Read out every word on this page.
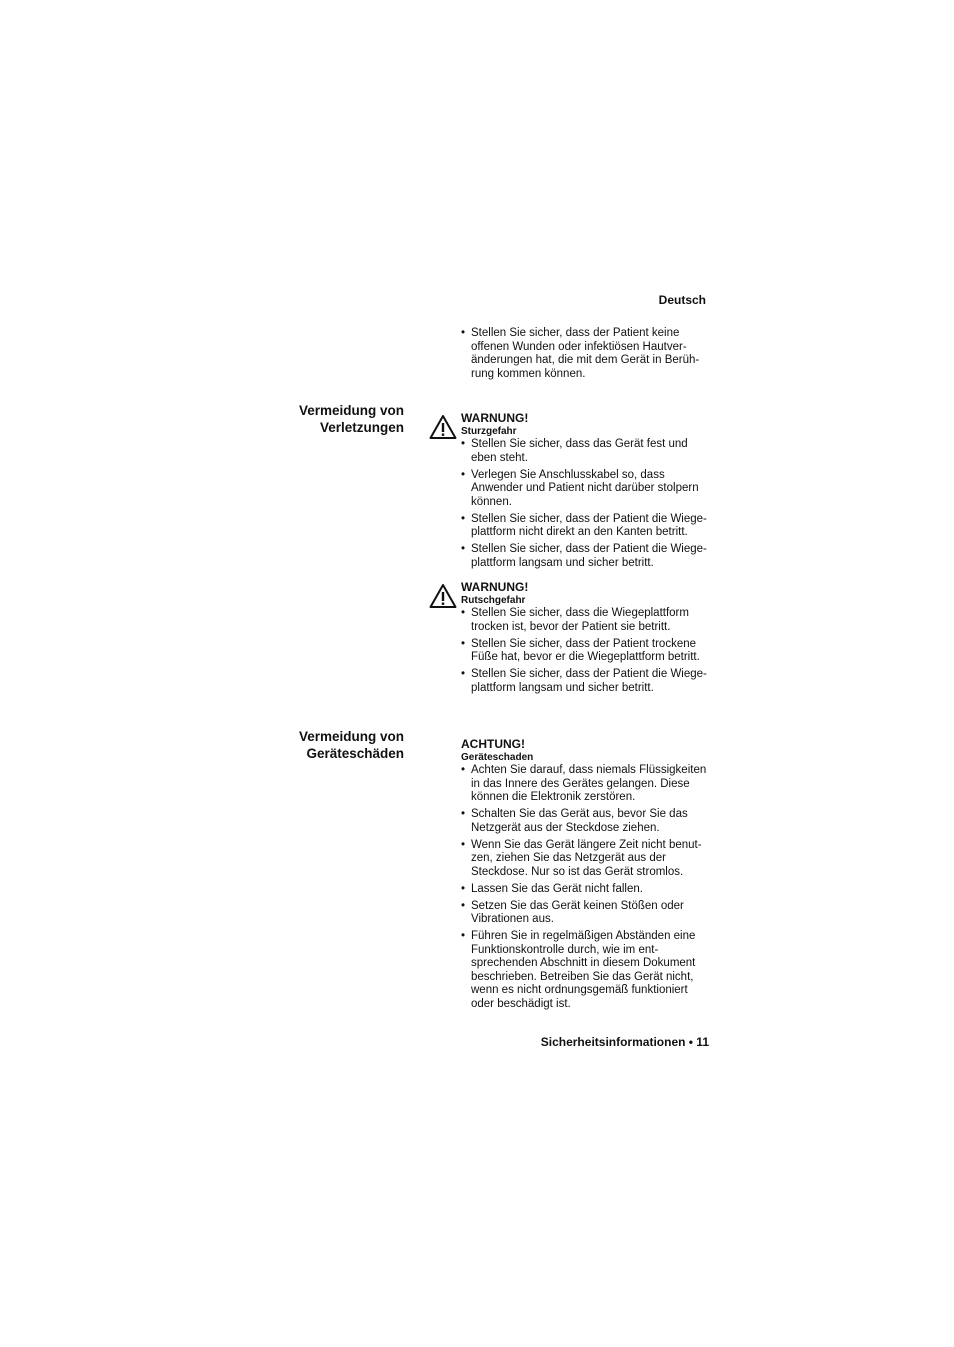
Deutsch
• Stellen Sie sicher, dass der Patient keine
offenen Wunden oder infektiösen Hautver-
änderungen hat, die mit dem Gerät in Berüh-
rung kommen können.
Vermeidung von
Verletzungen
WARNUNG!
Sturzgefahr
• Stellen Sie sicher, dass das Gerät fest und
eben steht.
• Verlegen Sie Anschlusskabel so, dass
Anwender und Patient nicht darüber stolpern
können.
• Stellen Sie sicher, dass der Patient die Wiege-
plattform nicht direkt an den Kanten betritt.
• Stellen Sie sicher, dass der Patient die Wiege-
plattform langsam und sicher betritt.
WARNUNG!
Rutschgefahr
• Stellen Sie sicher, dass die Wiegeplattform
trocken ist, bevor der Patient sie betritt.
• Stellen Sie sicher, dass der Patient trockene
Füße hat, bevor er die Wiegeplattform betritt.
• Stellen Sie sicher, dass der Patient die Wiege-
plattform langsam und sicher betritt.
Vermeidung von
Geräteschäden
ACHTUNG!
Geräteschaden
• Achten Sie darauf, dass niemals Flüssigkeiten
in das Innere des Gerätes gelangen. Diese
können die Elektronik zerstören.
• Schalten Sie das Gerät aus, bevor Sie das
Netzgerät aus der Steckdose ziehen.
• Wenn Sie das Gerät längere Zeit nicht benut-
zen, ziehen Sie das Netzgerät aus der
Steckdose. Nur so ist das Gerät stromlos.
• Lassen Sie das Gerät nicht fallen.
• Setzen Sie das Gerät keinen Stößen oder
Vibrationen aus.
• Führen Sie in regelmäßigen Abständen eine
Funktionskontrolle durch, wie im ent-
sprechenden Abschnitt in diesem Dokument
beschrieben. Betreiben Sie das Gerät nicht,
wenn es nicht ordnungsgemäß funktioniert
oder beschädigt ist.
Sicherheitsinformationen • 11
